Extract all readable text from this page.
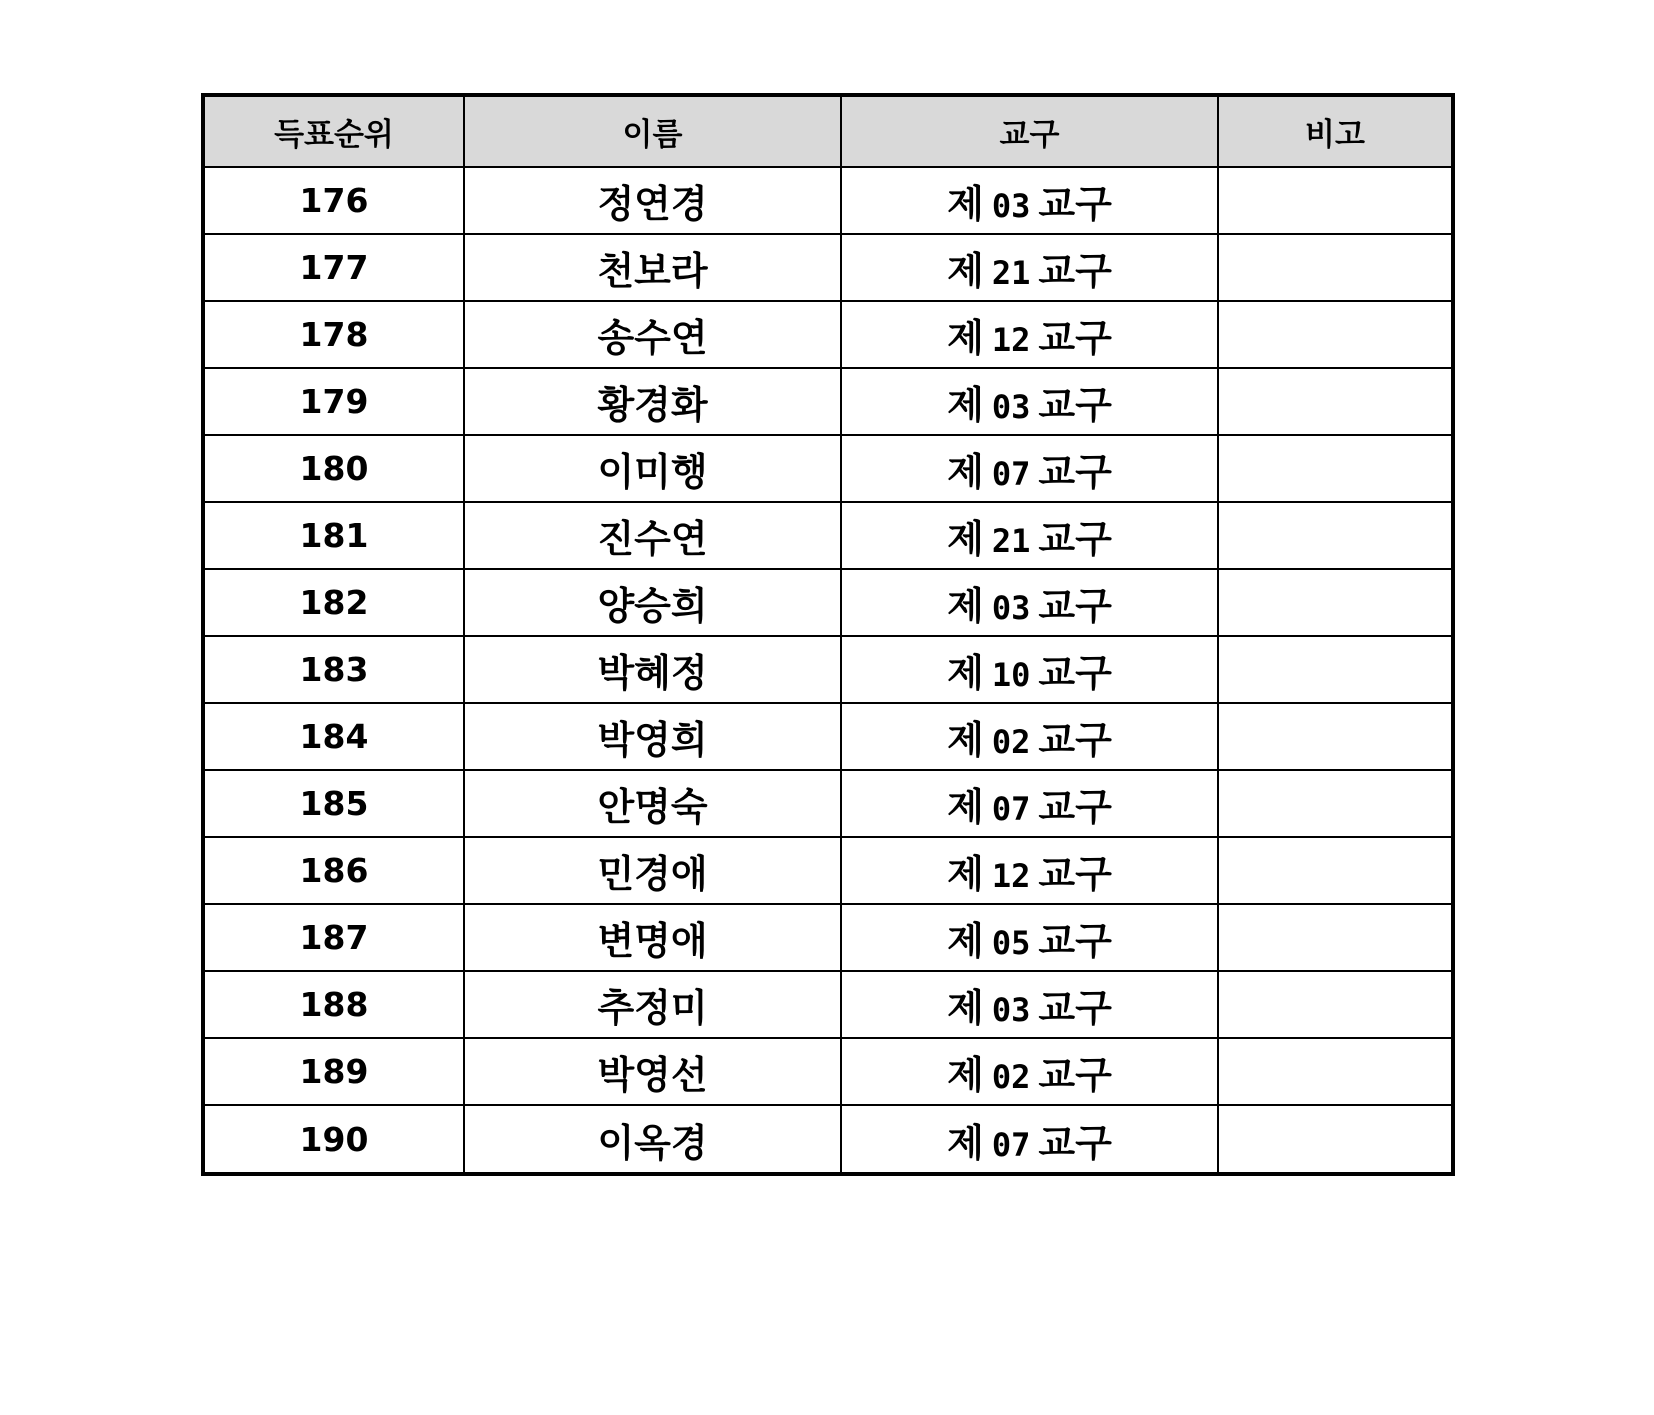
득표순위	이름	교구	비고
176	정연경	제 03 교구	
177	천보라	제 21 교구	
178	송수연	제 12 교구	
179	황경화	제 03 교구	
180	이미행	제 07 교구	
181	진수연	제 21 교구	
182	양승희	제 03 교구	
183	박혜정	제 10 교구	
184	박영희	제 02 교구	
185	안명숙	제 07 교구	
186	민경애	제 12 교구	
187	변명애	제 05 교구	
188	추정미	제 03 교구	
189	박영선	제 02 교구	
190	이옥경	제 07 교구	
